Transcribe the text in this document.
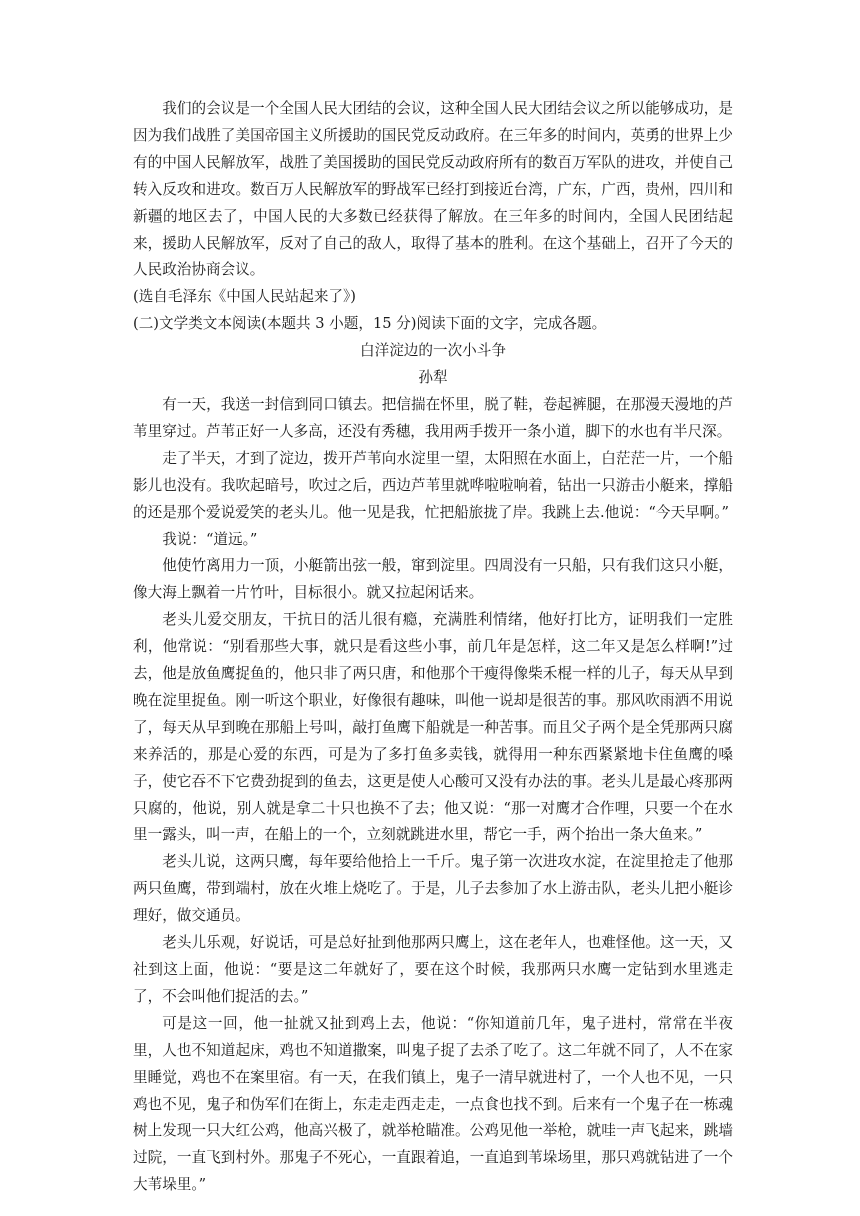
我们的会议是一个全国人民大团结的会议，这种全国人民大团结会议之所以能够成功，是因为我们战胜了美国帝国主义所援助的国民党反动政府。在三年多的时间内，英勇的世界上少有的中国人民解放军，战胜了美国援助的国民党反动政府所有的数百万军队的进攻，并使自己转入反攻和进攻。数百万人民解放军的野战军已经打到接近台湾，广东，广西，贵州，四川和新疆的地区去了，中国人民的大多数已经获得了解放。在三年多的时间内，全国人民团结起来，援助人民解放军，反对了自己的敌人，取得了基本的胜利。在这个基础上，召开了今天的人民政治协商会议。

(选自毛泽东《中国人民站起来了》)

(二)文学类文本阅读(本题共 3 小题，15 分)阅读下面的文字，完成各题。

白洋淀边的一次小斗争

孙犁

有一天，我送一封信到同口镇去。把信揣在怀里，脱了鞋，卷起裤腿，在那漫天漫地的芦苇里穿过。芦苇正好一人多高，还没有秀穗，我用两手拨开一条小道，脚下的水也有半尺深。

走了半天，才到了淀边，拨开芦苇向水淀里一望，太阳照在水面上，白茫茫一片，一个船影儿也没有。我吹起暗号，吹过之后，西边芦苇里就哗啦啦响着，钻出一只游击小艇来，撑船的还是那个爱说爱笑的老头儿。他一见是我，忙把船旅拢了岸。我跳上去.他说：“今天早啊。”

我说：“道远。”

他使竹离用力一顶，小艇箭出弦一般，窜到淀里。四周没有一只船，只有我们这只小艇，像大海上飘着一片竹叶，目标很小。就又拉起闲话来。

老头儿爱交朋友，干抗日的活儿很有瘾，充满胜利情绪，他好打比方，证明我们一定胜利，他常说：“别看那些大事，就只是看这些小事，前几年是怎样，这二年又是怎么样啊!”过去，他是放鱼鹰捉鱼的，他只非了两只唐，和他那个干瘦得像柴禾棍一样的儿子，每天从早到晚在淀里捉鱼。刚一听这个职业，好像很有趣味，叫他一说却是很苦的事。那风吹雨洒不用说了，每天从早到晚在那船上号叫，敲打鱼鹰下船就是一种苦事。而且父子两个是全凭那两只腐来养活的，那是心爱的东西，可是为了多打鱼多卖钱，就得用一种东西紧紧地卡住鱼鹰的嗓子，使它吞不下它费劲捉到的鱼去，这更是使人心酸可又没有办法的事。老头儿是最心疼那两只腐的，他说，别人就是拿二十只也换不了去；他又说：“那一对鹰才合作哩，只要一个在水里一露头，叫一声，在船上的一个，立刻就跳进水里，帮它一手，两个抬出一条大鱼来。”

老头儿说，这两只鹰，每年要给他拾上一千斤。鬼子第一次进攻水淀，在淀里抢走了他那两只鱼鹰，带到端村，放在火堆上烧吃了。于是，儿子去参加了水上游击队，老头儿把小艇诊理好，做交通员。

老头儿乐观，好说话，可是总好扯到他那两只鹰上，这在老年人，也难怪他。这一天，又社到这上面，他说：“要是这二年就好了，要在这个时候，我那两只水鹰一定钻到水里逃走了，不会叫他们捉活的去。”

可是这一回，他一扯就又扯到鸡上去，他说：“你知道前几年，鬼子进村，常常在半夜里，人也不知道起床，鸡也不知道撒案，叫鬼子捉了去杀了吃了。这二年就不同了，人不在家里睡觉，鸡也不在案里宿。有一天，在我们镇上，鬼子一清早就进村了，一个人也不见，一只鸡也不见，鬼子和伪军们在街上，东走走西走走，一点食也找不到。后来有一个鬼子在一栋魂树上发现一只大红公鸡，他高兴极了，就举枪瞄准。公鸡见他一举枪，就哇一声飞起来，跳墙过院，一直飞到村外。那鬼子不死心，一直跟着追，一直追到苇垛场里，那只鸡就钻进了一个大苇垛里。”
